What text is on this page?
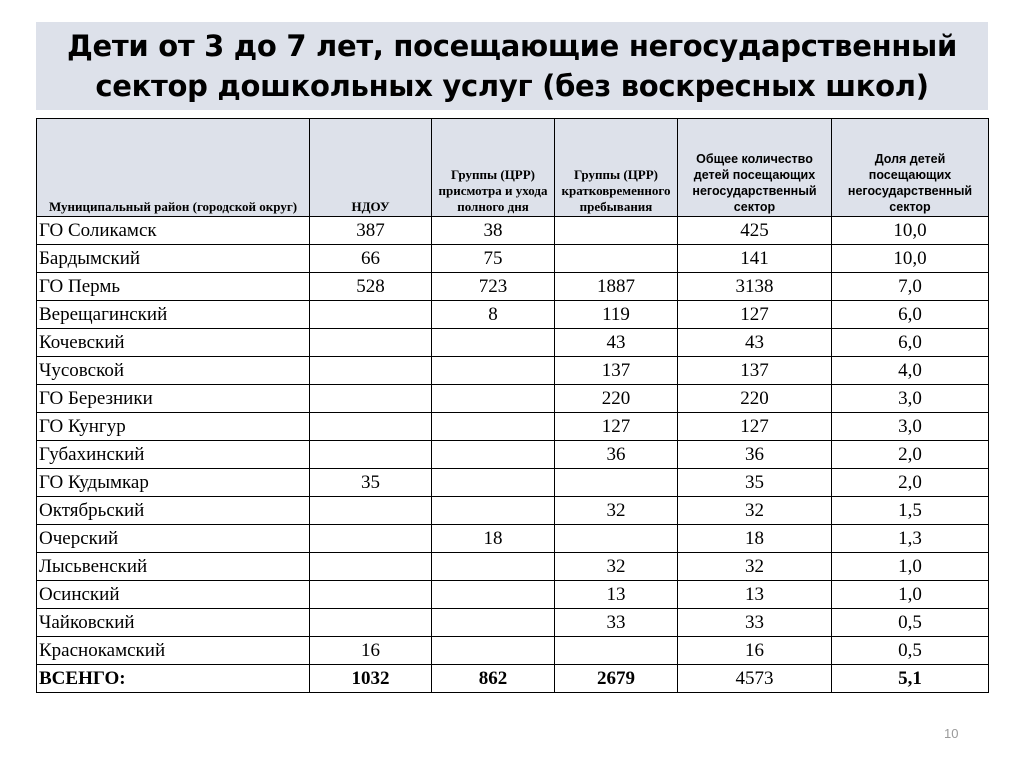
Дети от 3 до 7 лет, посещающие негосударственный
сектор дошкольных услуг (без воскресных школ)
Муниципальный район (городской округ)	НДОУ	Группы (ЦРР) присмотра и ухода полного дня	Группы (ЦРР) кратковременного пребывания	Общее количество детей посещающих негосударственный сектор	Доля детей посещающих негосударственный сектор
ГО Соликамск	387	38		425	10,0
Бардымский	66	75		141	10,0
ГО Пермь	528	723	1887	3138	7,0
Верещагинский		8	119	127	6,0
Кочевский			43	43	6,0
Чусовской			137	137	4,0
ГО Березники			220	220	3,0
ГО Кунгур			127	127	3,0
Губахинский			36	36	2,0
ГО Кудымкар	35			35	2,0
Октябрьский			32	32	1,5
Очерский		18		18	1,3
Лысьвенский			32	32	1,0
Осинский			13	13	1,0
Чайковский			33	33	0,5
Краснокамский	16			16	0,5
ВСЕНГО:	1032	862	2679	4573	5,1
10
